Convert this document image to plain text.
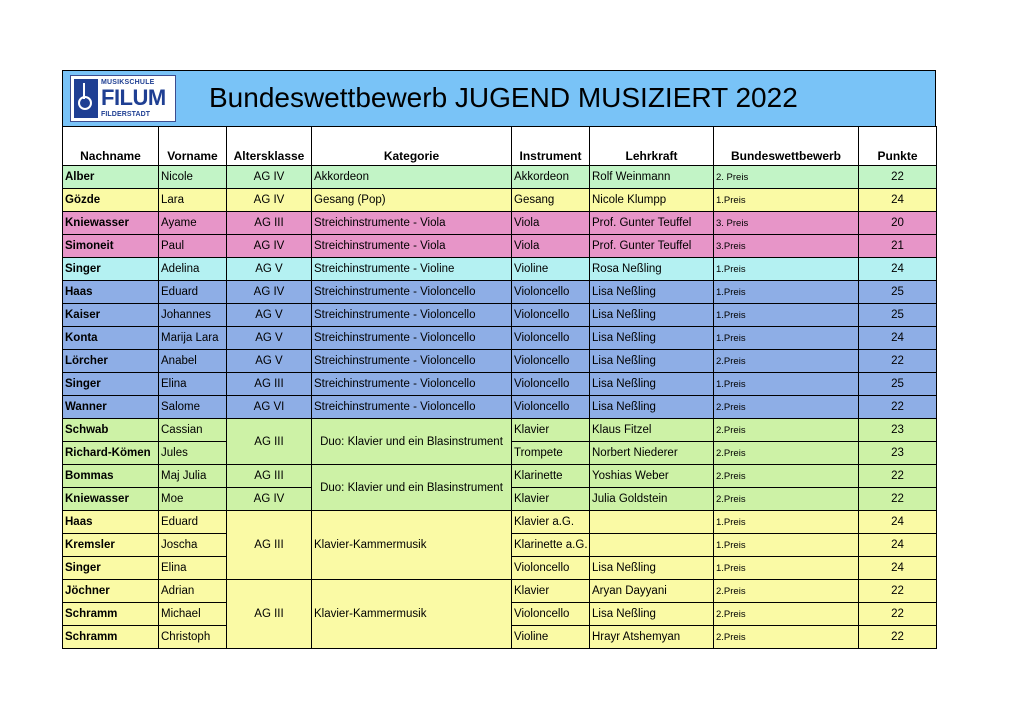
MUSIKSCHULE
FILUM
FILDERSTADT
Bundeswettbewerb JUGEND MUSIZIERT 2022
Nachname	Vorname	Altersklasse	Kategorie	Instrument	Lehrkraft	Bundeswettbewerb	Punkte
Alber	Nicole	AG IV	Akkordeon	Akkordeon	Rolf Weinmann	2. Preis	22
Gözde	Lara	AG IV	Gesang (Pop)	Gesang	Nicole Klumpp	1.Preis	24
Kniewasser	Ayame	AG III	Streichinstrumente - Viola	Viola	Prof. Gunter Teuffel	3. Preis	20
Simoneit	Paul	AG IV	Streichinstrumente - Viola	Viola	Prof. Gunter Teuffel	3.Preis	21
Singer	Adelina	AG V	Streichinstrumente - Violine	Violine	Rosa Neßling	1.Preis	24
Haas	Eduard	AG IV	Streichinstrumente - Violoncello	Violoncello	Lisa Neßling	1.Preis	25
Kaiser	Johannes	AG V	Streichinstrumente - Violoncello	Violoncello	Lisa Neßling	1.Preis	25
Konta	Marija Lara	AG V	Streichinstrumente - Violoncello	Violoncello	Lisa Neßling	1.Preis	24
Lörcher	Anabel	AG V	Streichinstrumente - Violoncello	Violoncello	Lisa Neßling	2.Preis	22
Singer	Elina	AG III	Streichinstrumente - Violoncello	Violoncello	Lisa Neßling	1.Preis	25
Wanner	Salome	AG VI	Streichinstrumente - Violoncello	Violoncello	Lisa Neßling	2.Preis	22
Schwab	Cassian	AG III	Duo: Klavier und ein Blasinstrument	Klavier	Klaus Fitzel	2.Preis	23
Richard-Kömen	Jules			Trompete	Norbert Niederer	2.Preis	23
Bommas	Maj Julia	AG III	Duo: Klavier und ein Blasinstrument	Klarinette	Yoshias Weber	2.Preis	22
Kniewasser	Moe	AG IV		Klavier	Julia Goldstein	2.Preis	22
Haas	Eduard	AG III	Klavier-Kammermusik	Klavier a.G.		1.Preis	24
Kremsler	Joscha			Klarinette a.G.		1.Preis	24
Singer	Elina			Violoncello	Lisa Neßling	1.Preis	24
Jöchner	Adrian	AG III	Klavier-Kammermusik	Klavier	Aryan Dayyani	2.Preis	22
Schramm	Michael			Violoncello	Lisa Neßling	2.Preis	22
Schramm	Christoph			Violine	Hrayr Atshemyan	2.Preis	22
